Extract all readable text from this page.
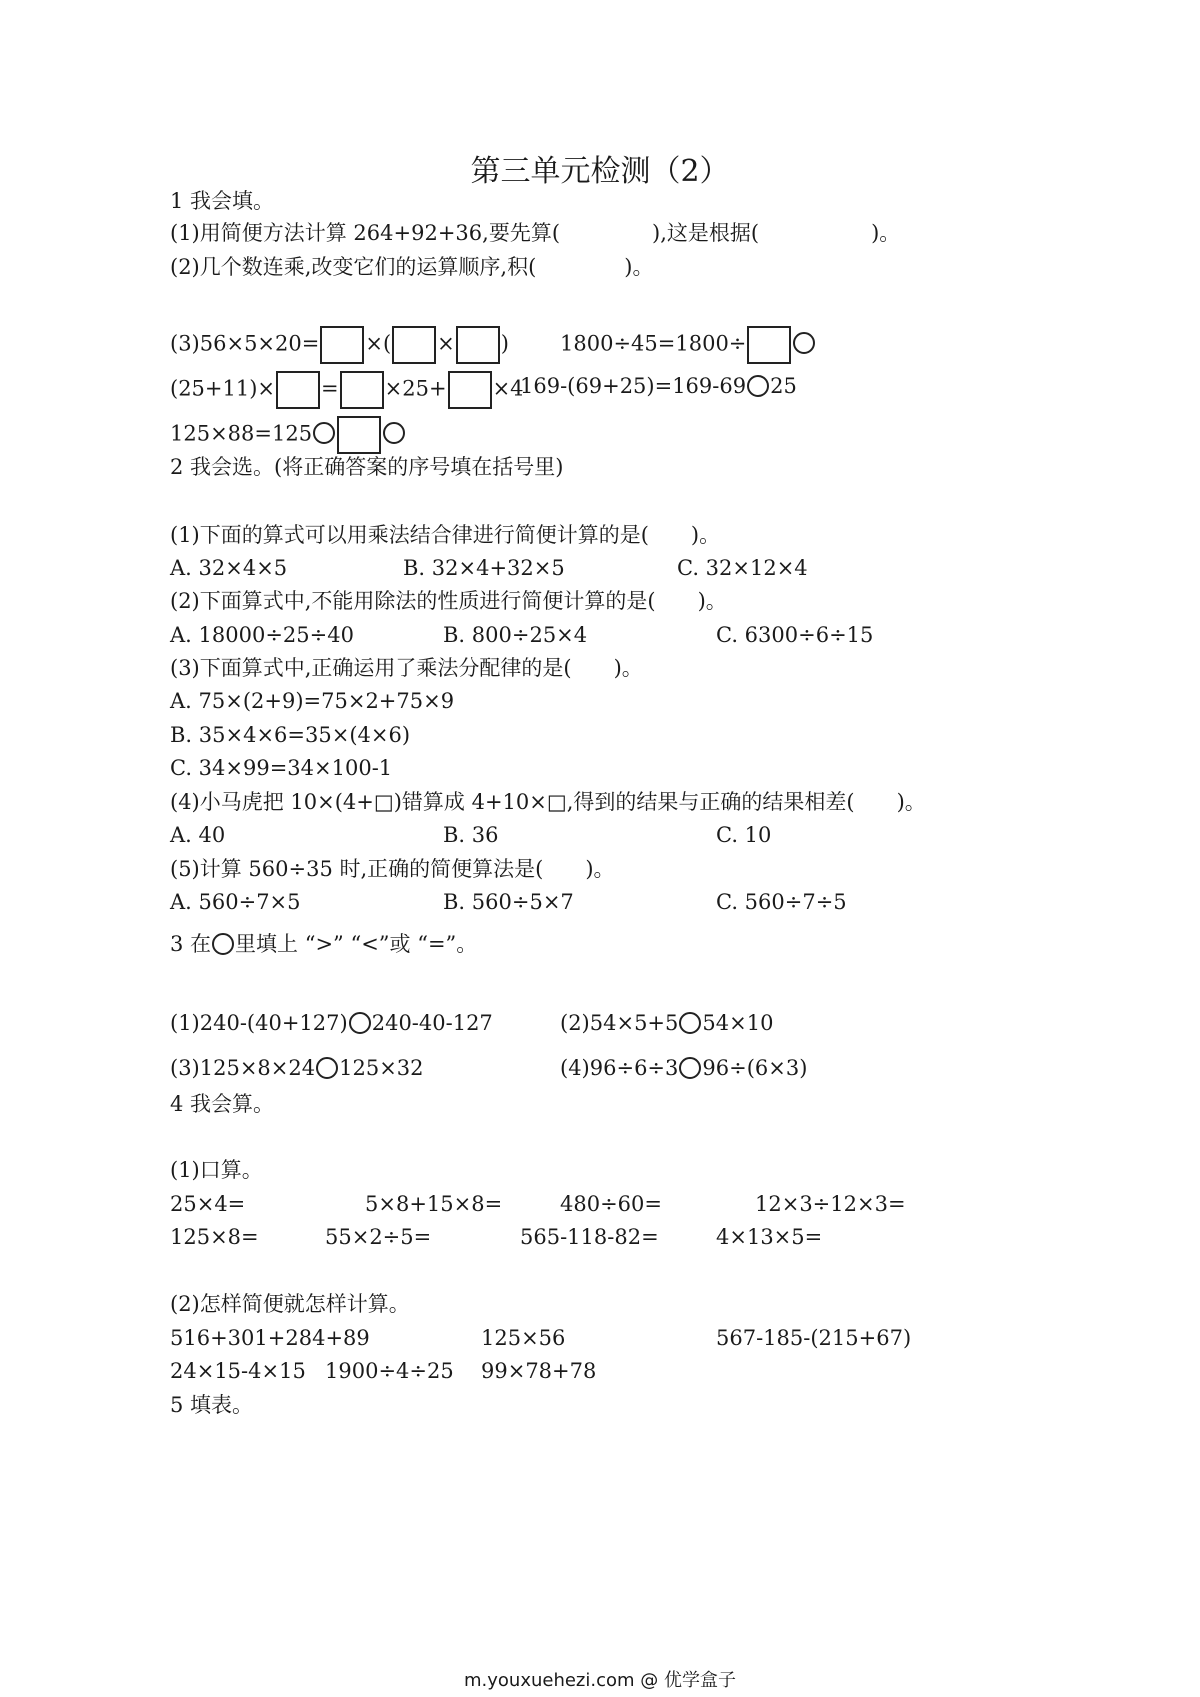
第三单元检测（2）
1 我会填。
(1)用简便方法计算 264+92+36,要先算(	),这是根据(	)。
(2)几个数连乘,改变它们的运算顺序,积(	)。
(3)56×5×20= ×( × ) 1800÷45=1800÷
(25+11)× = ×25+ ×4
169-(69+25)=169-69 25
125×88=125
2 我会选。(将正确答案的序号填在括号里)
(1)下面的算式可以用乘法结合律进行简便计算的是(　　)。
A. 32×4×5	B. 32×4+32×5	C. 32×12×4
(2)下面算式中,不能用除法的性质进行简便计算的是(　　)。
A. 18000÷25÷40	B. 800÷25×4	C. 6300÷6÷15
(3)下面算式中,正确运用了乘法分配律的是(　　)。
A. 75×(2+9)=75×2+75×9
B. 35×4×6=35×(4×6)
C. 34×99=34×100-1
(4)小马虎把 10×(4+□)错算成 4+10×□,得到的结果与正确的结果相差(　　)。
A. 40	B. 36	C. 10
(5)计算 560÷35 时,正确的简便算法是(　　)。
A. 560÷7×5	B. 560÷5×7	C. 560÷7÷5
3 在 里填上 “>” “<”或 “=”。
(1)240-(40+127) 240-40-127	(2)54×5+5 54×10
(3)125×8×24 125×32	(4)96÷6÷3 96÷(6×3)
4 我会算。
(1)口算。
25×4=	5×8+15×8=	480÷60=	12×3÷12×3=
125×8=	55×2÷5=	565-118-82=	4×13×5=
(2)怎样简便就怎样计算。
516+301+284+89	125×56	567-185-(215+67)
24×15-4×15 1900÷4÷25 99×78+78
5 填表。
m.youxuehezi.com @ 优学盒子
